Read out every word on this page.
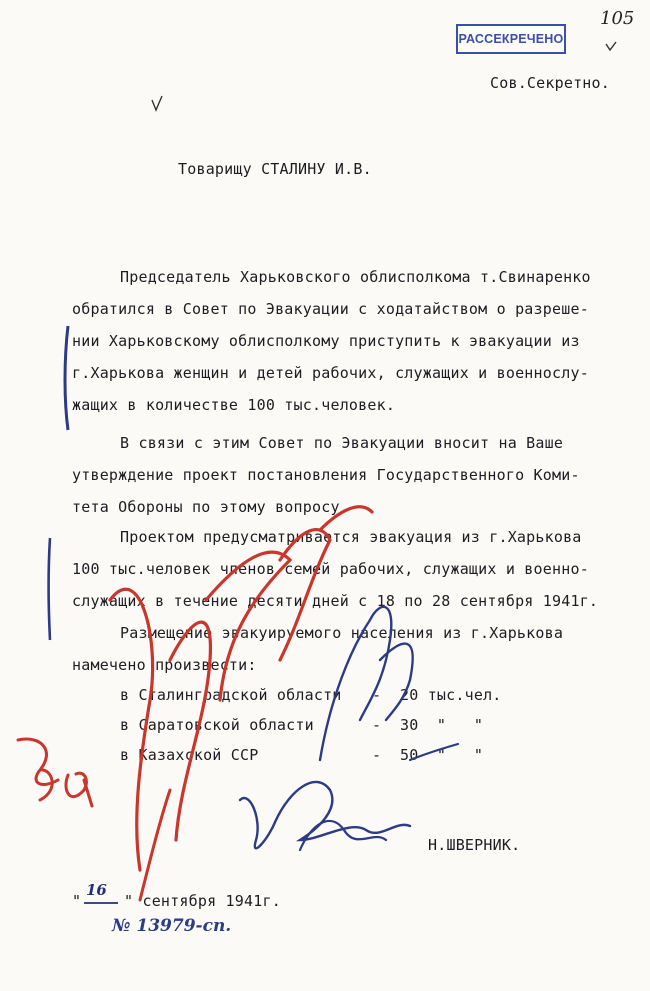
РАССЕКРЕЧЕНО
105
Сов.Секретно.
Товарищу СТАЛИНУ И.В.
Председатель Харьковского облисполкома т.Свинаренко
обратился в Совет по Эвакуации с ходатайством о разреше-
нии Харьковскому облисполкому приступить к эвакуации из
г.Харькова женщин и детей рабочих, служащих и военнослу-
жащих в количестве 100 тыс.человек.
В связи с этим Совет по Эвакуации вносит на Ваше
утверждение проект постановления Государственного Коми-
тета Обороны по этому вопросу.
Проектом предусматривается эвакуация из г.Харькова
100 тыс.человек членов семей рабочих, служащих и военно-
служащих в течение десяти дней с 18 по 28 сентября 1941г.
Размещение эвакуируемого населения из г.Харькова
намечено произвести:
в Сталинградской области - 20 тыс.чел.
в Саратовской области	- 30  "   "
в Казахской ССР	- 50  "   "
Н.ШВЕРНИК.
"
16
" сентября 1941г.
№ 13979-сп.
